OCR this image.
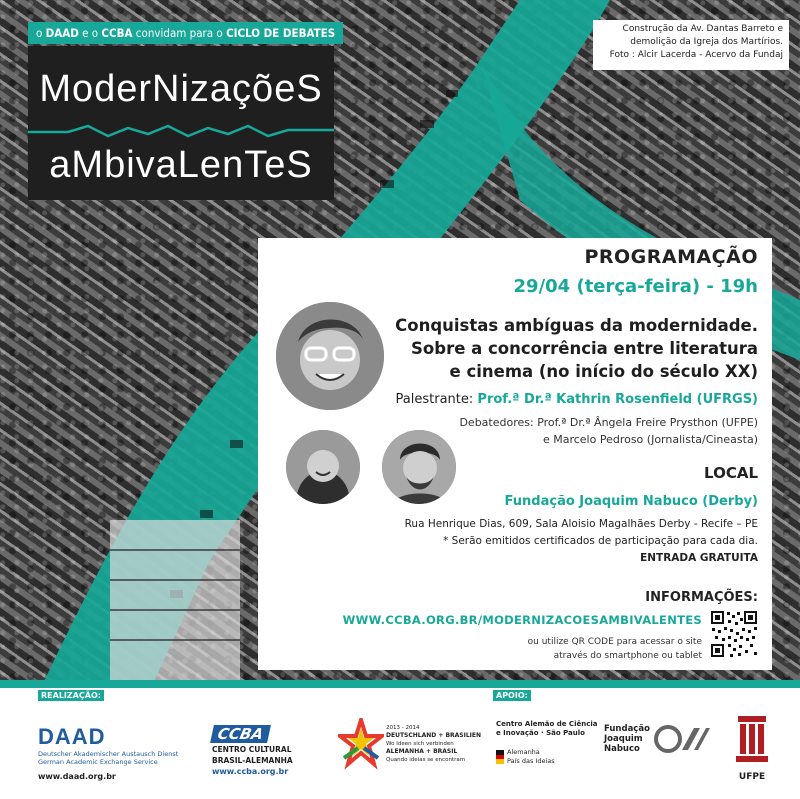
o DAAD e o CCBA convidam para o CICLO DE DEBATES
ModerNizaçõeS
aMbivaLenTeS
Construção da Av. Dantas Barreto e
demolição da Igreja dos Martírios.
Foto : Alcir Lacerda - Acervo da Fundaj
PROGRAMAÇÃO
29/04 (terça-feira) - 19h
Conquistas ambíguas da modernidade.
Sobre a concorrência entre literatura
e cinema (no início do século XX)
Palestrante: Prof.ª Dr.ª Kathrin Rosenfield (UFRGS)
Debatedores: Prof.ª Dr.ª Ângela Freire Prysthon (UFPE)
e Marcelo Pedroso (Jornalista/Cineasta)
LOCAL
Fundação Joaquim Nabuco (Derby)
Rua Henrique Dias, 609, Sala Aloisio Magalhães Derby - Recife – PE
* Serão emitidos certificados de participação para cada dia.
ENTRADA GRATUITA
INFORMAÇÕES:
WWW.CCBA.ORG.BR/MODERNIZACOESAMBIVALENTES
ou utilize QR CODE para acessar o site
através do smartphone ou tablet
REALIZAÇÃO:	APOIO:
DAAD
Deutscher Akademischer Austausch Dienst
German Academic Exchange Service
www.daad.org.br
CCBA
CENTRO CULTURAL
BRASIL-ALEMANHA
www.ccba.org.br
2013 - 2014
DEUTSCHLAND + BRASILIEN
Wo Ideen sich verbinden
ALEMANHA + BRASIL
Quando ideias se encontram
Centro Alemão de Ciência
e Inovação · São Paulo
Alemanha
País das Ideias
Fundação
Joaquim
Nabuco
UFPE
